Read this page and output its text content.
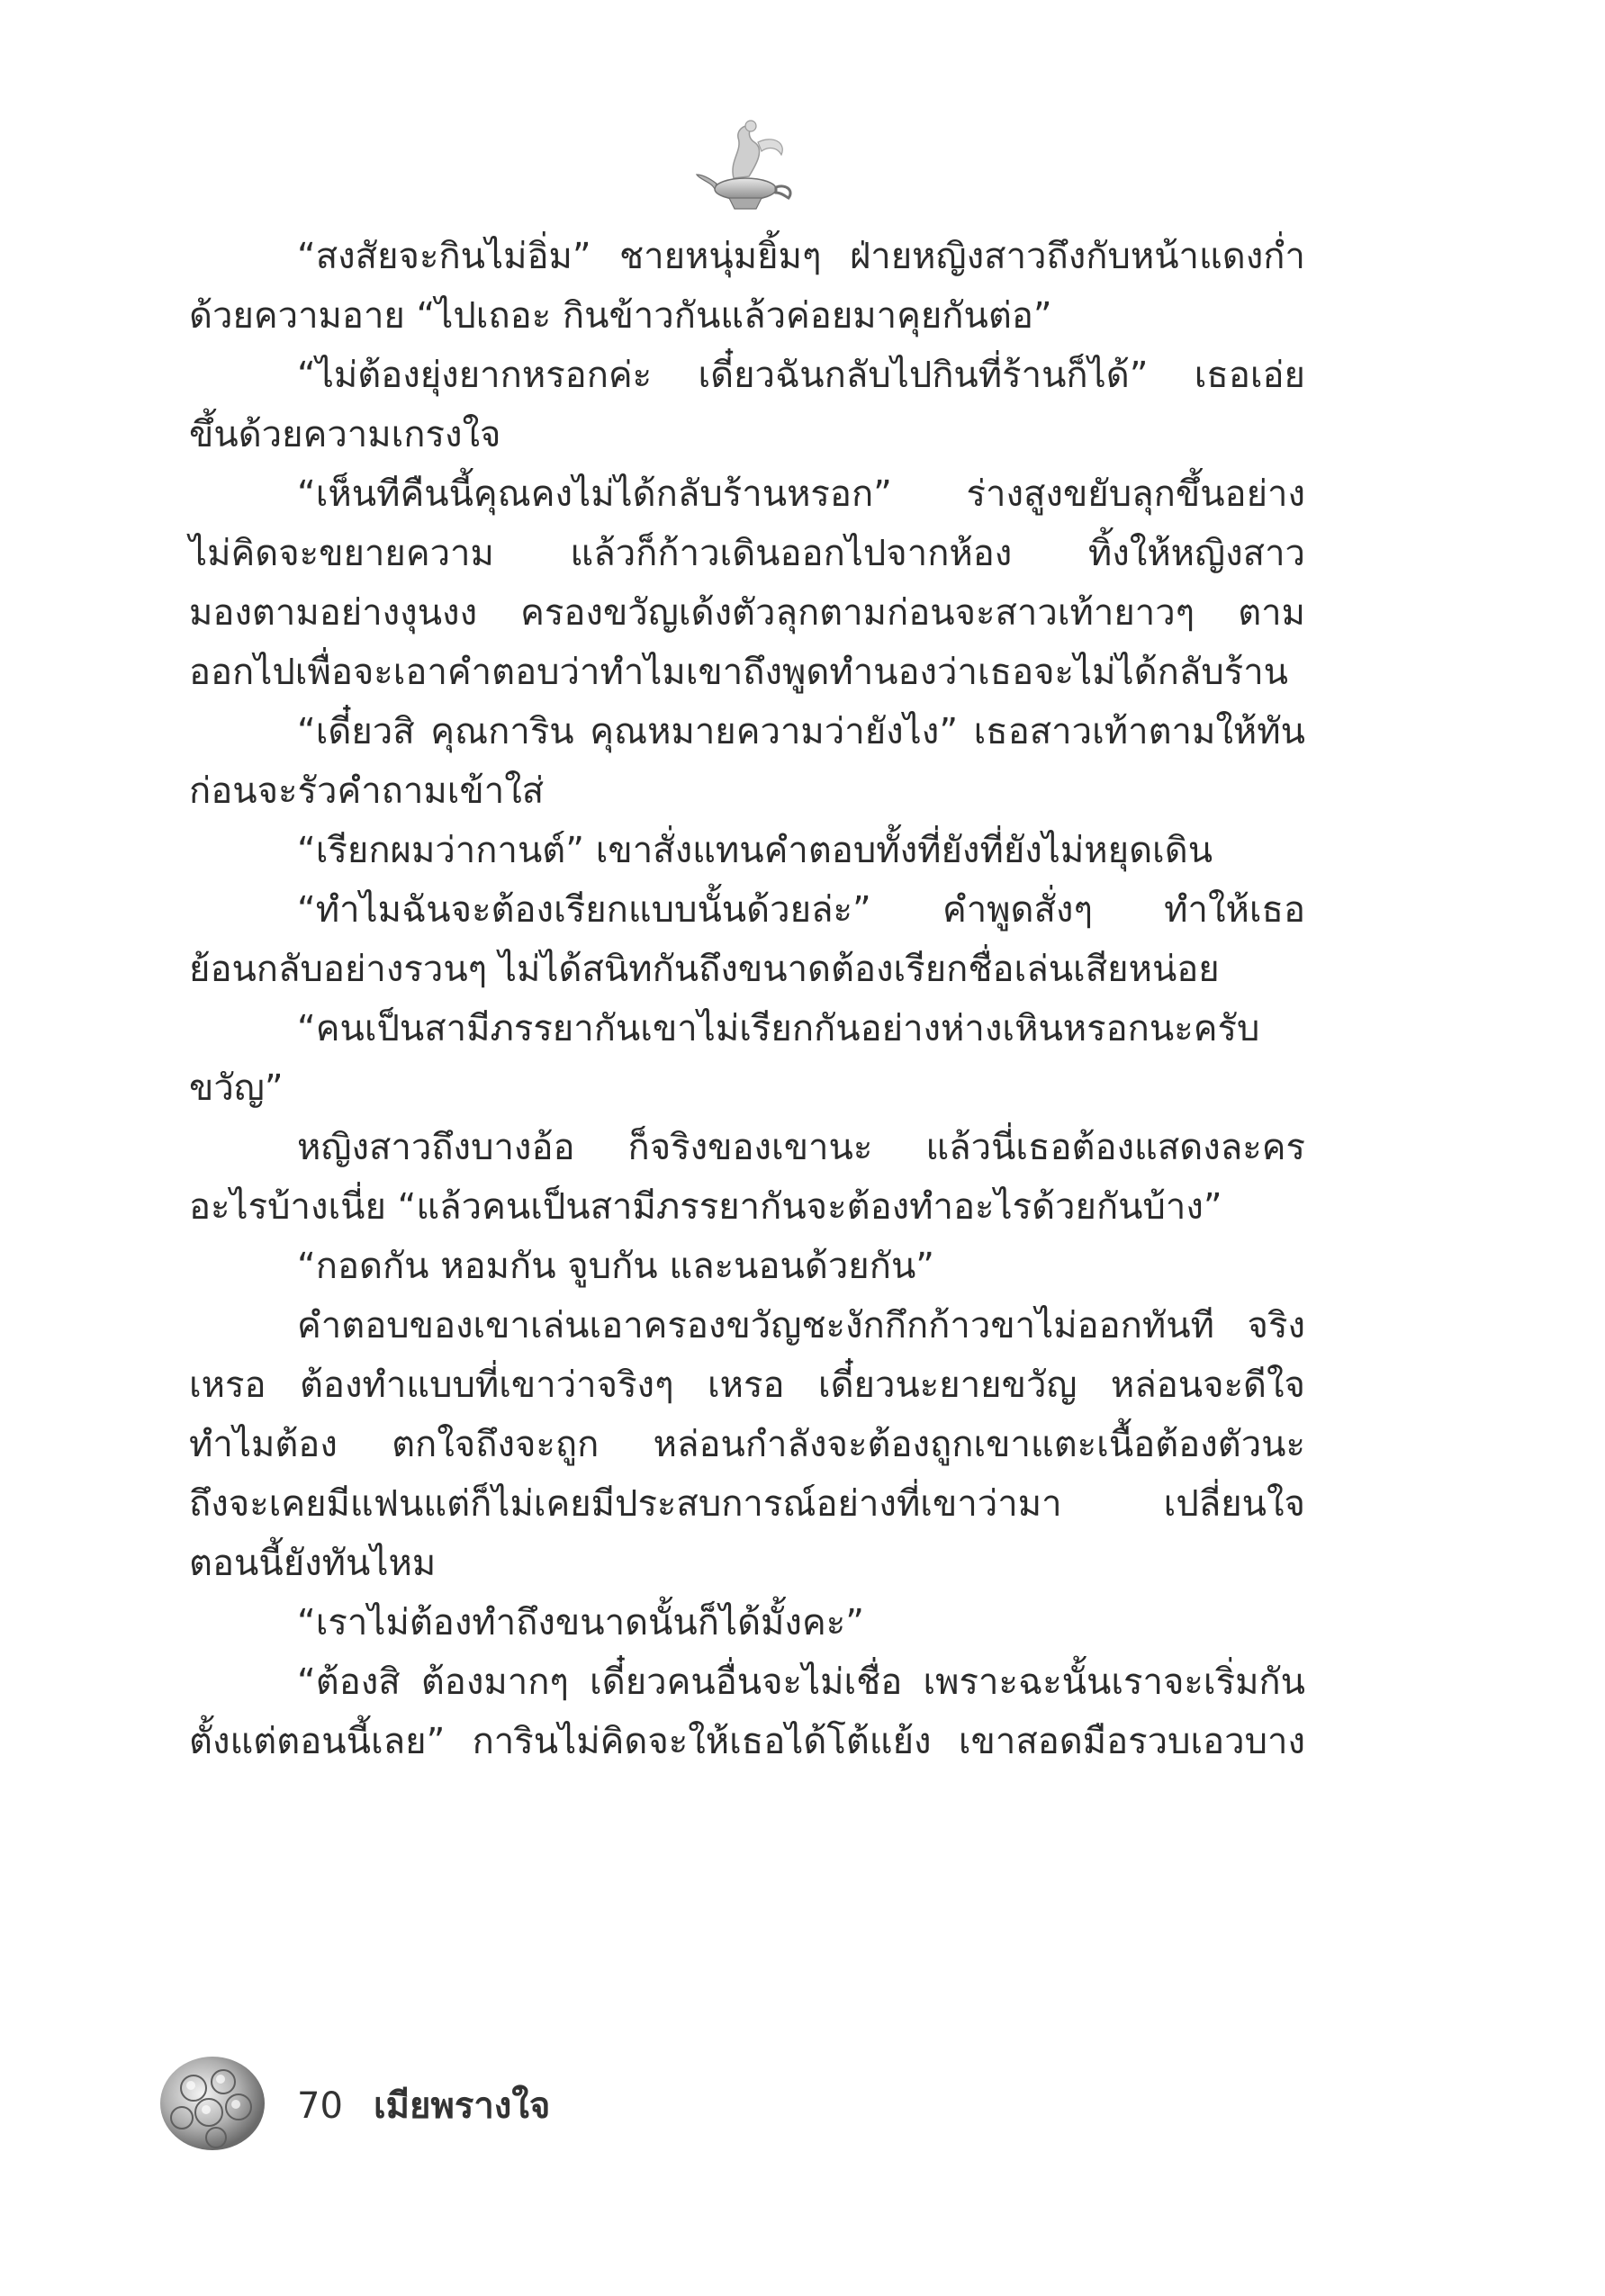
“สงสัยจะกินไม่อิ่ม” ชายหนุ่มยิ้มๆ ฝ่ายหญิงสาวถึงกับหน้าแดงก่ำ
ด้วยความอาย “ไปเถอะ กินข้าวกันแล้วค่อยมาคุยกันต่อ”
“ไม่ต้องยุ่งยากหรอกค่ะ เดี๋ยวฉันกลับไปกินที่ร้านก็ได้” เธอเอ่ย
ขึ้นด้วยความเกรงใจ
“เห็นทีคืนนี้คุณคงไม่ได้กลับร้านหรอก” ร่างสูงขยับลุกขึ้นอย่าง
ไม่คิดจะขยายความ แล้วก็ก้าวเดินออกไปจากห้อง ทิ้งให้หญิงสาว
มองตามอย่างงุนงง ครองขวัญเด้งตัวลุกตามก่อนจะสาวเท้ายาวๆ ตาม
ออกไปเพื่อจะเอาคำตอบว่าทำไมเขาถึงพูดทำนองว่าเธอจะไม่ได้กลับร้าน
“เดี๋ยวสิ คุณการิน คุณหมายความว่ายังไง” เธอสาวเท้าตามให้ทัน
ก่อนจะรัวคำถามเข้าใส่
“เรียกผมว่ากานต์” เขาสั่งแทนคำตอบทั้งที่ยังที่ยังไม่หยุดเดิน
“ทำไมฉันจะต้องเรียกแบบนั้นด้วยล่ะ” คำพูดสั่งๆ ทำให้เธอ
ย้อนกลับอย่างรวนๆ ไม่ได้สนิทกันถึงขนาดต้องเรียกชื่อเล่นเสียหน่อย
“คนเป็นสามีภรรยากันเขาไม่เรียกกันอย่างห่างเหินหรอกนะครับ
ขวัญ”
หญิงสาวถึงบางอ้อ ก็จริงของเขานะ แล้วนี่เธอต้องแสดงละคร
อะไรบ้างเนี่ย “แล้วคนเป็นสามีภรรยากันจะต้องทำอะไรด้วยกันบ้าง”
“กอดกัน หอมกัน จูบกัน และนอนด้วยกัน”
คำตอบของเขาเล่นเอาครองขวัญชะงักกึกก้าวขาไม่ออกทันที จริง
เหรอ ต้องทำแบบที่เขาว่าจริงๆ เหรอ เดี๋ยวนะยายขวัญ หล่อนจะดีใจ
ทำไมต้อง ตกใจถึงจะถูก หล่อนกำลังจะต้องถูกเขาแตะเนื้อต้องตัวนะ
ถึงจะเคยมีแฟนแต่ก็ไม่เคยมีประสบการณ์อย่างที่เขาว่ามา เปลี่ยนใจ
ตอนนี้ยังทันไหม
“เราไม่ต้องทำถึงขนาดนั้นก็ได้มั้งคะ”
“ต้องสิ ต้องมากๆ เดี๋ยวคนอื่นจะไม่เชื่อ เพราะฉะนั้นเราจะเริ่มกัน
ตั้งแต่ตอนนี้เลย” การินไม่คิดจะให้เธอได้โต้แย้ง เขาสอดมือรวบเอวบาง
70 เมียพรางใจ
